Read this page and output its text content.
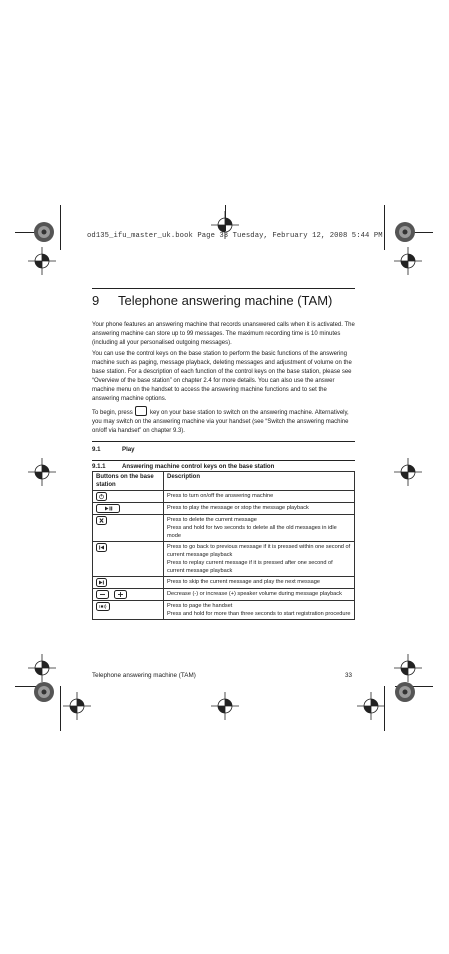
od135_ifu_master_uk.book Page 33 Tuesday, February 12, 2008 5:44 PM
9 Telephone answering machine (TAM)

Your phone features an answering machine that records unanswered calls when it is activated. The answering machine can store up to 99 messages. The maximum recording time is 10 minutes (including all your personalised outgoing messages).

You can use the control keys on the base station to perform the basic functions of the answering machine such as paging, message playback, deleting messages and adjustment of volume on the base station. For a description of each function of the control keys on the base station, please see “Overview of the base station” on chapter 2.4 for more details. You can also use the answer machine menu on the handset to access the answering machine functions and to set the answering machine options.

To begin, press	key on your base station to switch on the answering machine. Alternatively, you may switch on the answering machine via your handset (see “Switch the answering machine on/off via handset” on chapter 9.3).

9.1	Play
9.1.1	Answering machine control keys on the base station
Buttons on the base station	Description

Press to turn on/off the answering machine

Press to play the message or stop the message playback

Press to delete the current message
Press and hold for two seconds to delete all the old messages in idle mode

Press to go back to previous message if it is pressed within one second of current message playback
Press to replay current message if it is pressed after one second of current message playback

Press to skip the current message and play the next message

Decrease (-) or increase (+) speaker volume during message playback

Press to page the handset
Press and hold for more than three seconds to start registration procedure
Telephone answering machine (TAM)	33
